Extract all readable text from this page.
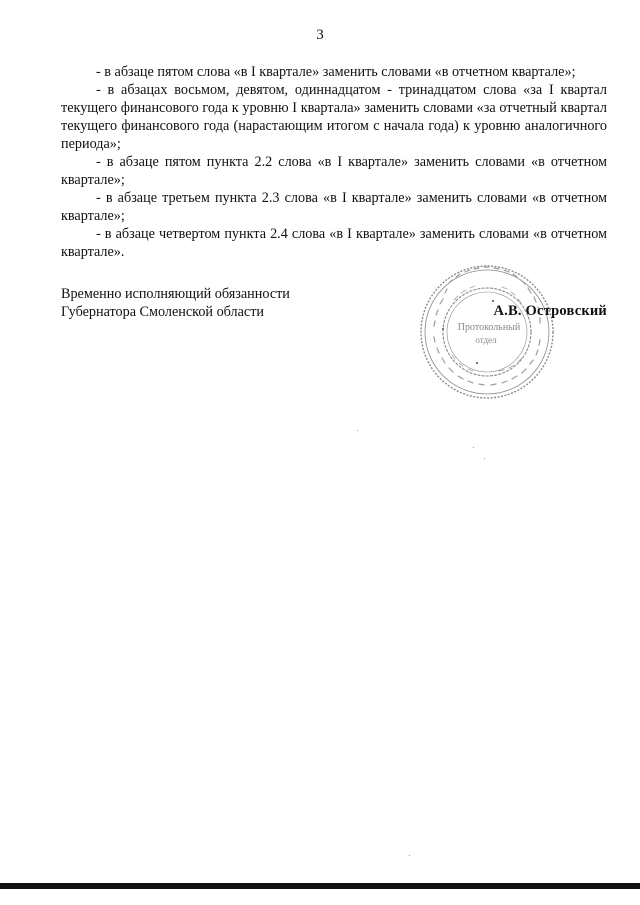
3

- в абзаце пятом слова «в I квартале» заменить словами «в отчетном квартале»;

- в абзацах восьмом, девятом, одиннадцатом - тринадцатом слова «за I квартал текущего финансового года к уровню I квартала» заменить словами «за отчетный квартал текущего финансового года (нарастающим итогом с начала года) к уровню аналогичного периода»;

- в абзаце пятом пункта 2.2 слова «в I квартале» заменить словами «в отчетном квартале»;

- в абзаце третьем пункта 2.3 слова «в I квартале» заменить словами «в отчетном квартале»;

- в абзаце четвертом пункта 2.4 слова «в I квартале» заменить словами «в отчетном квартале».

Временно исполняющий обязанности
Губернатора Смоленской области
Протокольный
отдел
А.В. Островский
